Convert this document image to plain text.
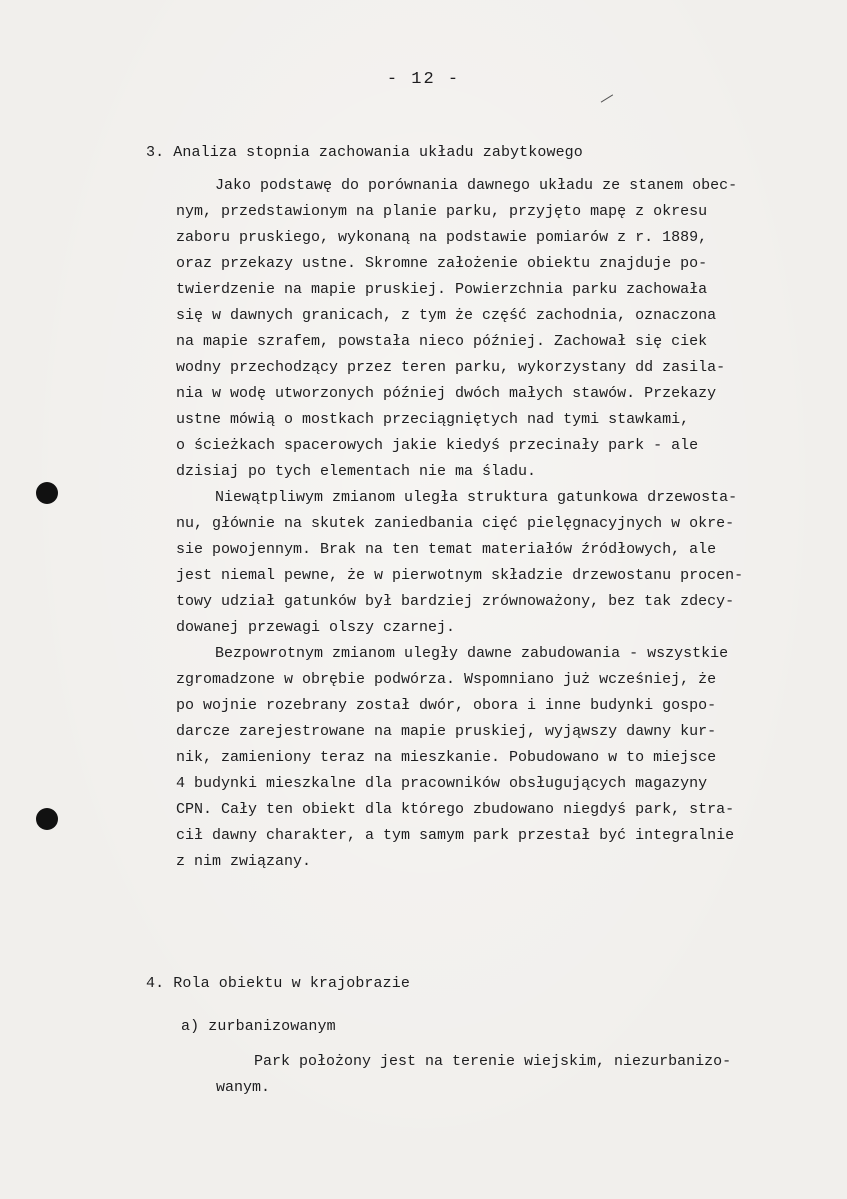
- 12 -
3. Analiza stopnia zachowania układu zabytkowego
Jako podstawę do porównania dawnego układu ze stanem obec-
nym, przedstawionym na planie parku, przyjęto mapę z okresu
zaboru pruskiego, wykonaną na podstawie pomiarów z r. 1889,
oraz przekazy ustne. Skromne założenie obiektu znajduje po-
twierdzenie na mapie pruskiej. Powierzchnia parku zachowała
się w dawnych granicach, z tym że część zachodnia, oznaczona
na mapie szrafem, powstała nieco później. Zachował się ciek
wodny przechodzący przez teren parku, wykorzystany dd zasila-
nia w wodę utworzonych później dwóch małych stawów. Przekazy
ustne mówią o mostkach przeciągniętych nad tymi stawkami,
o ścieżkach spacerowych jakie kiedyś przecinały park - ale
dzisiaj po tych elementach nie ma śladu.
Niewątpliwym zmianom uległa struktura gatunkowa drzewosta-
nu, głównie na skutek zaniedbania cięć pielęgnacyjnych w okre-
sie powojennym. Brak na ten temat materiałów źródłowych, ale
jest niemal pewne, że w pierwotnym składzie drzewostanu procen-
towy udział gatunków był bardziej zrównoważony, bez tak zdecy-
dowanej przewagi olszy czarnej.
Bezpowrotnym zmianom uległy dawne zabudowania - wszystkie
zgromadzone w obrębie podwórza. Wspomniano już wcześniej, że
po wojnie rozebrany został dwór, obora i inne budynki gospo-
darcze zarejestrowane na mapie pruskiej, wyjąwszy dawny kur-
nik, zamieniony teraz na mieszkanie. Pobudowano w to miejsce
4 budynki mieszkalne dla pracowników obsługujących magazyny
CPN. Cały ten obiekt dla którego zbudowano niegdyś park, stra-
cił dawny charakter, a tym samym park przestał być integralnie
z nim związany.
4. Rola obiektu w krajobrazie
a) zurbanizowanym
Park położony jest na terenie wiejskim, niezurbanizo-
wanym.
